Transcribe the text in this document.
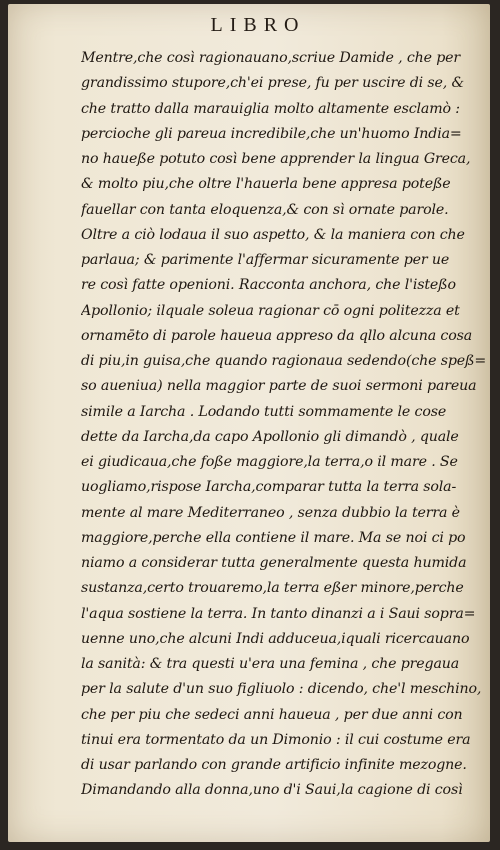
LIBRO
Mentre,che così ragionauano,scriue Damide , che per
grandissimo stupore,ch'ei prese, fu per uscire di se, &
che tratto dalla marauiglia molto altamente esclamò :
percioche gli pareua incredibile,che un'huomo India=
no haueße potuto così bene apprender la lingua Greca,
& molto piu,che oltre l'hauerla bene appresa poteße
fauellar con tanta eloquenza,& con sì ornate parole.
Oltre a ciò lodaua il suo aspetto, & la maniera con che
parlaua; & parimente l'affermar sicuramente per ue
re così fatte openioni. Racconta anchora, che l'isteßo
Apollonio; ilquale soleua ragionar cō ogni politezza et
ornamēto di parole haueua appreso da qllo alcuna cosa
di piu,in guisa,che quando ragionaua sedendo(che speß=
so aueniua) nella maggior parte de suoi sermoni pareua
simile a Iarcha . Lodando tutti sommamente le cose
dette da Iarcha,da capo Apollonio gli dimandò , quale
ei giudicaua,che foße maggiore,la terra,o il mare . Se
uogliamo,rispose Iarcha,comparar tutta la terra sola-
mente al mare Mediterraneo , senza dubbio la terra è
maggiore,perche ella contiene il mare. Ma se noi ci po
niamo a considerar tutta generalmente questa humida
sustanza,certo trouaremo,la terra eßer minore,perche
l'aqua sostiene la terra. In tanto dinanzi a i Saui sopra=
uenne uno,che alcuni Indi adduceua,iquali ricercauano
la sanità: & tra questi u'era una femina , che pregaua
per la salute d'un suo figliuolo : dicendo, che'l meschino,
che per piu che sedeci anni haueua , per due anni con
tinui era tormentato da un Dimonio : il cui costume era
di usar parlando con grande artificio infinite mezogne.
Dimandando alla donna,uno d'i Saui,la cagione di così
